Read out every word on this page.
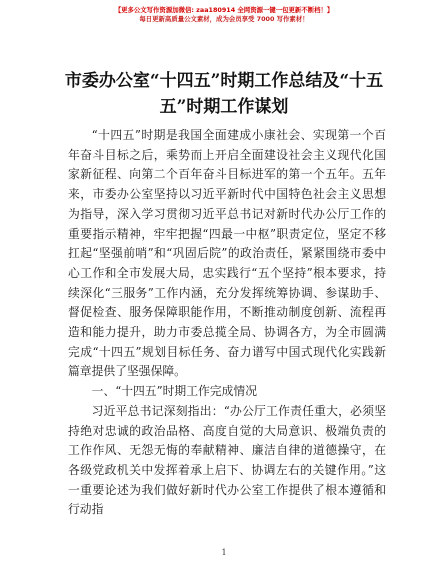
【更多公文写作资源加微信: zaa180914 全网资源一键一包更新不断档！】
每日更新高质量公文素材，成为会员享受 7000 写作素材！
市委办公室“十四五”时期工作总结及“十五五”时期工作谋划

“十四五”时期是我国全面建成小康社会、实现第一个百年奋斗目标之后，乘势而上开启全面建设社会主义现代化国家新征程、向第二个百年奋斗目标进军的第一个五年。五年来，市委办公室坚持以习近平新时代中国特色社会主义思想为指导，深入学习贯彻习近平总书记对新时代办公厅工作的重要指示精神，牢牢把握“四最一中枢”职责定位，坚定不移扛起“坚强前哨”和“巩固后院”的政治责任，紧紧围绕市委中心工作和全市发展大局，忠实践行“五个坚持”根本要求，持续深化“三服务”工作内涵，充分发挥统筹协调、参谋助手、督促检查、服务保障职能作用，不断推动制度创新、流程再造和能力提升，助力市委总揽全局、协调各方，为全市圆满完成“十四五”规划目标任务、奋力谱写中国式现代化实践新篇章提供了坚强保障。

一、“十四五”时期工作完成情况

习近平总书记深刻指出：“办公厅工作责任重大，必须坚持绝对忠诚的政治品格、高度自觉的大局意识、极端负责的工作作风、无怨无悔的奉献精神、廉洁自律的道德操守，在各级党政机关中发挥着承上启下、协调左右的关键作用。”这一重要论述为我们做好新时代办公室工作提供了根本遵循和行动指

1
